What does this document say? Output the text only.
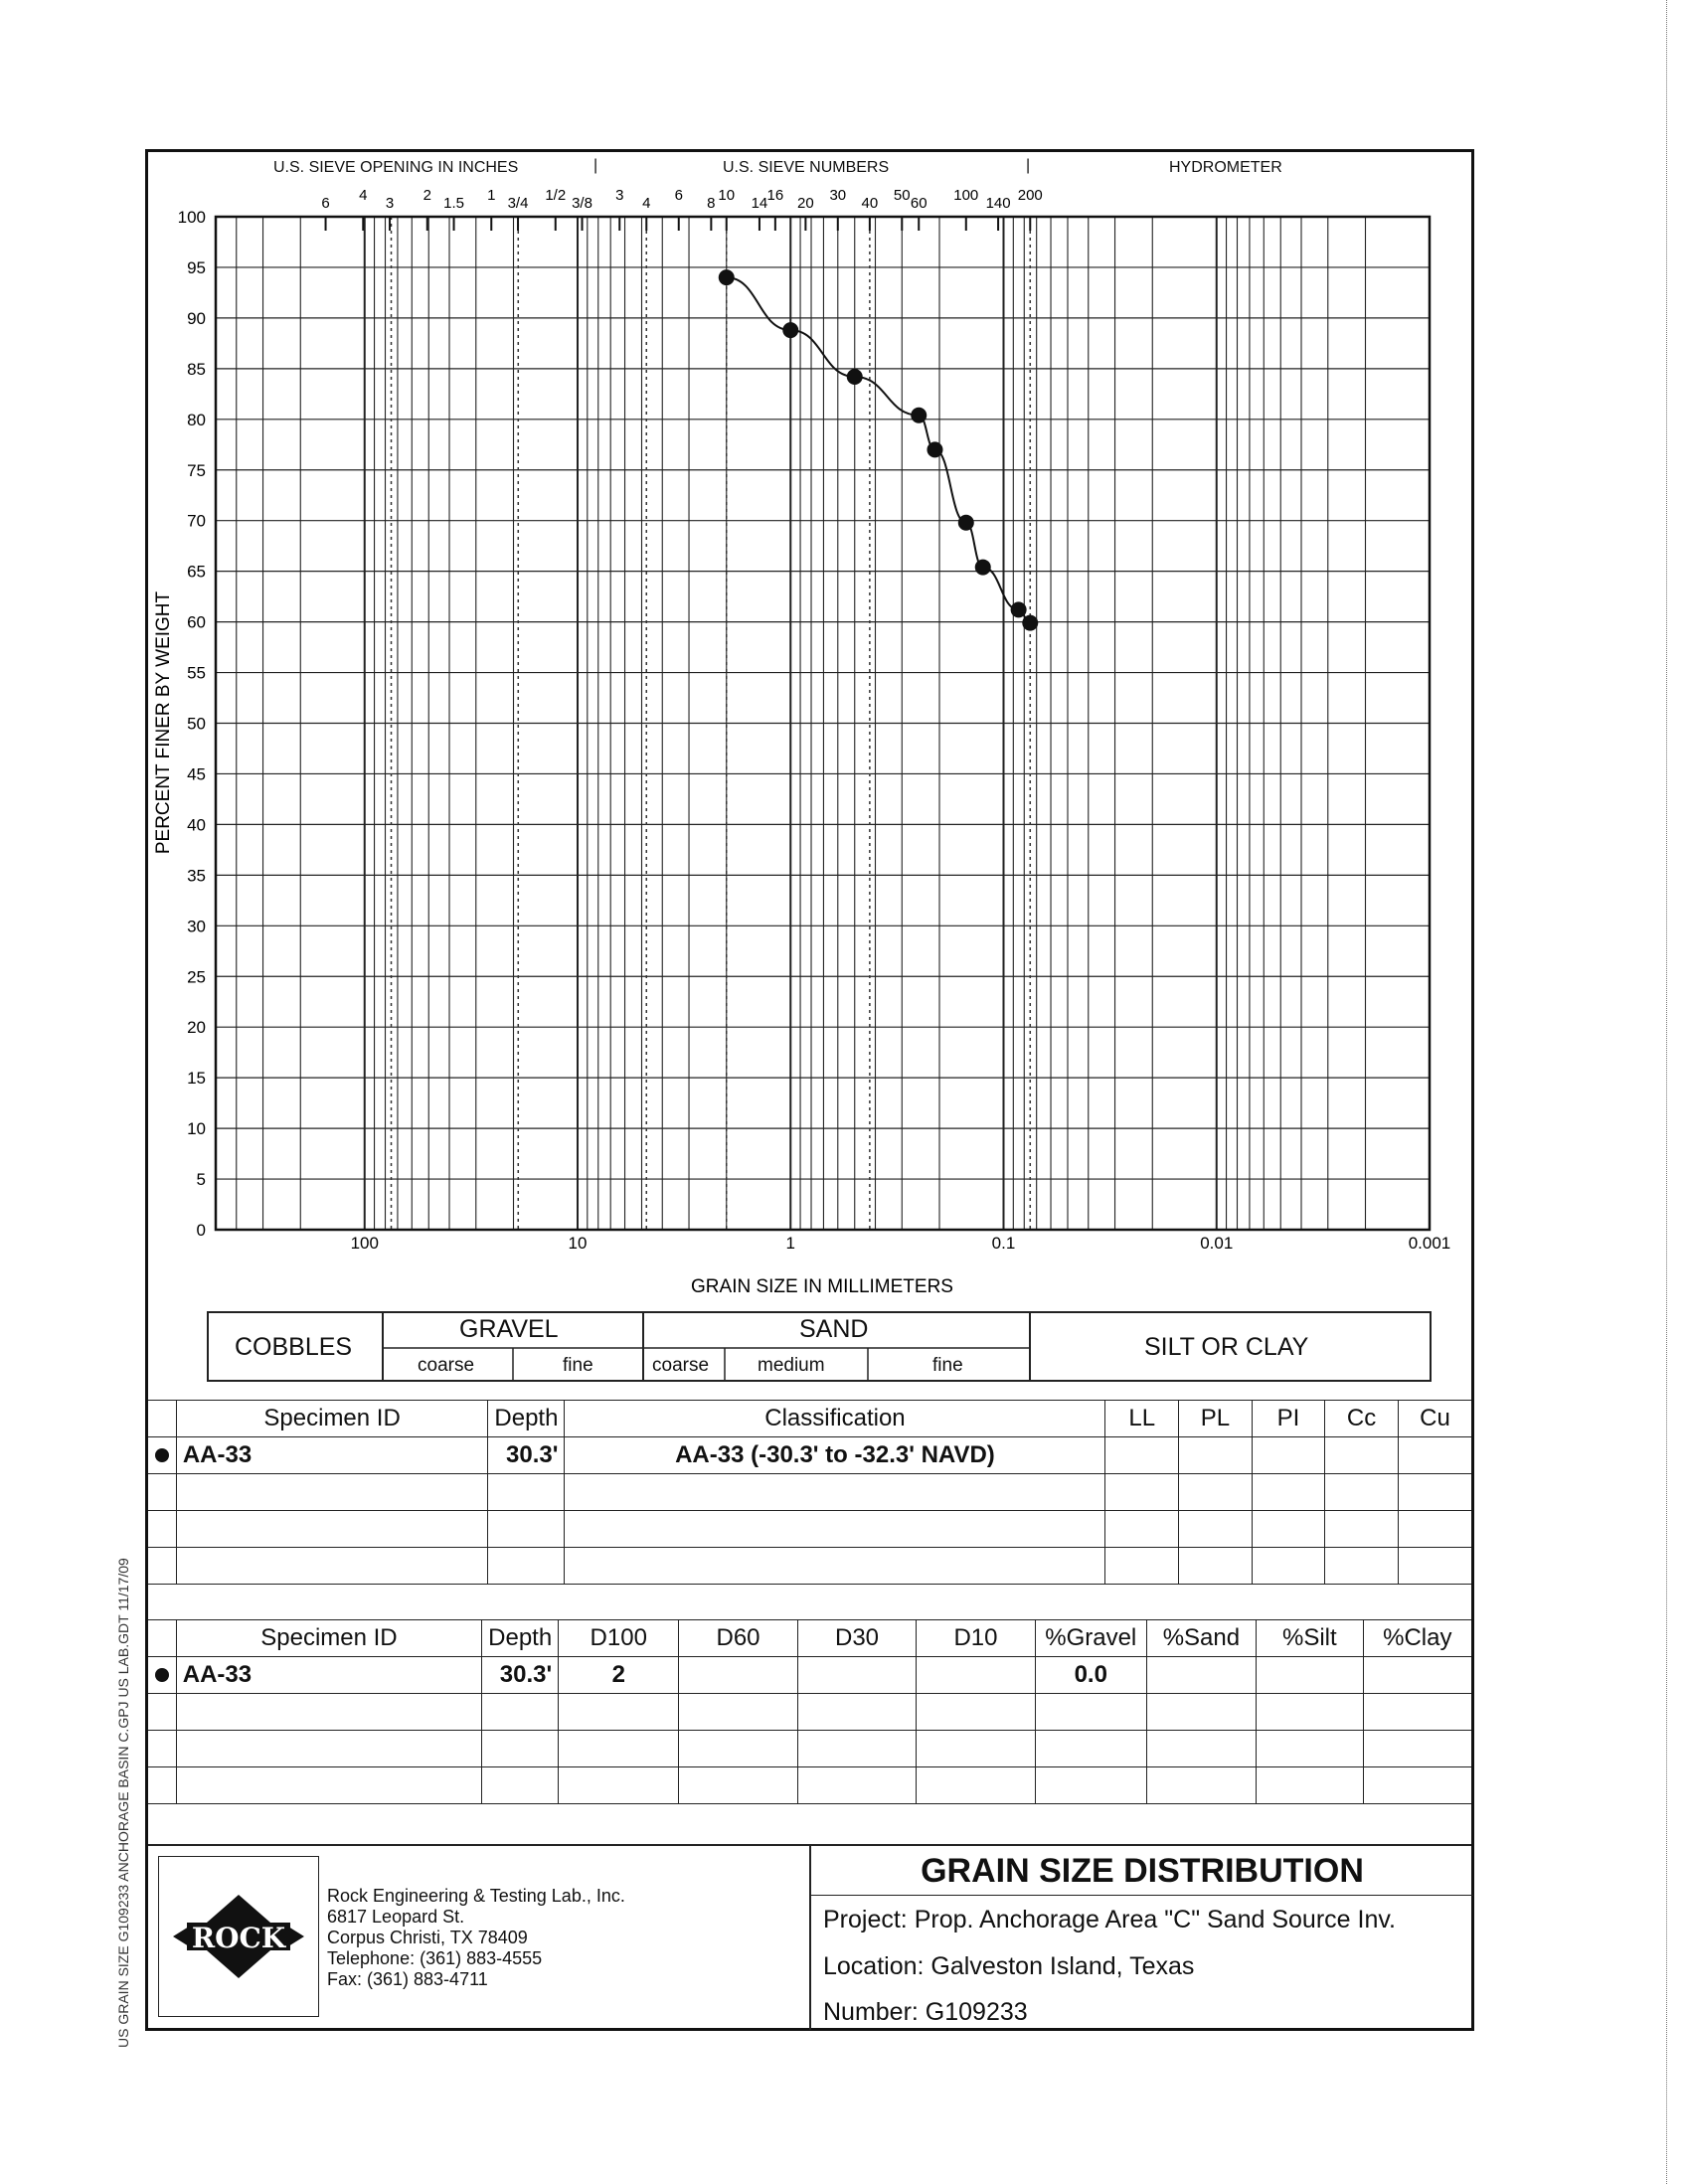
U.S. SIEVE OPENING IN INCHES	|	U.S. SIEVE NUMBERS	|	HYDROMETER
6 4 3 2 1.5 1 3/4 1/2 3/8 3 4 6 8 10 14 16 20 30 40 50 60 100 140 200
0
5
10
15
20
25
30
35
40
45
50
55
60
65
70
75
80
85
90
95
100
100	10	1	0.1	0.01	0.001
GRAIN SIZE IN MILLIMETERS
PERCENT FINER BY WEIGHT
COBBLES
GRAVEL
coarse	fine
SAND
coarse	medium	fine
SILT OR CLAY
	Specimen ID	Depth	Classification	LL	PL	PI	Cc	Cu
	AA-33	30.3'	AA-33 (-30.3' to -32.3' NAVD)					

	Specimen ID	Depth	D100	D60	D30	D10	%Gravel	%Sand	%Silt	%Clay
	AA-33	30.3'	2				0.0			

US GRAIN SIZE G109233 ANCHORAGE BASIN C.GPJ US LAB.GDT 11/17/09 ROCK
Rock Engineering & Testing Lab., Inc.
6817 Leopard St.
Corpus Christi, TX 78409
Telephone: (361) 883-4555
Fax: (361) 883-4711
GRAIN SIZE DISTRIBUTION
Project: Prop. Anchorage Area "C" Sand Source Inv.
Location: Galveston Island, Texas
Number: G109233
